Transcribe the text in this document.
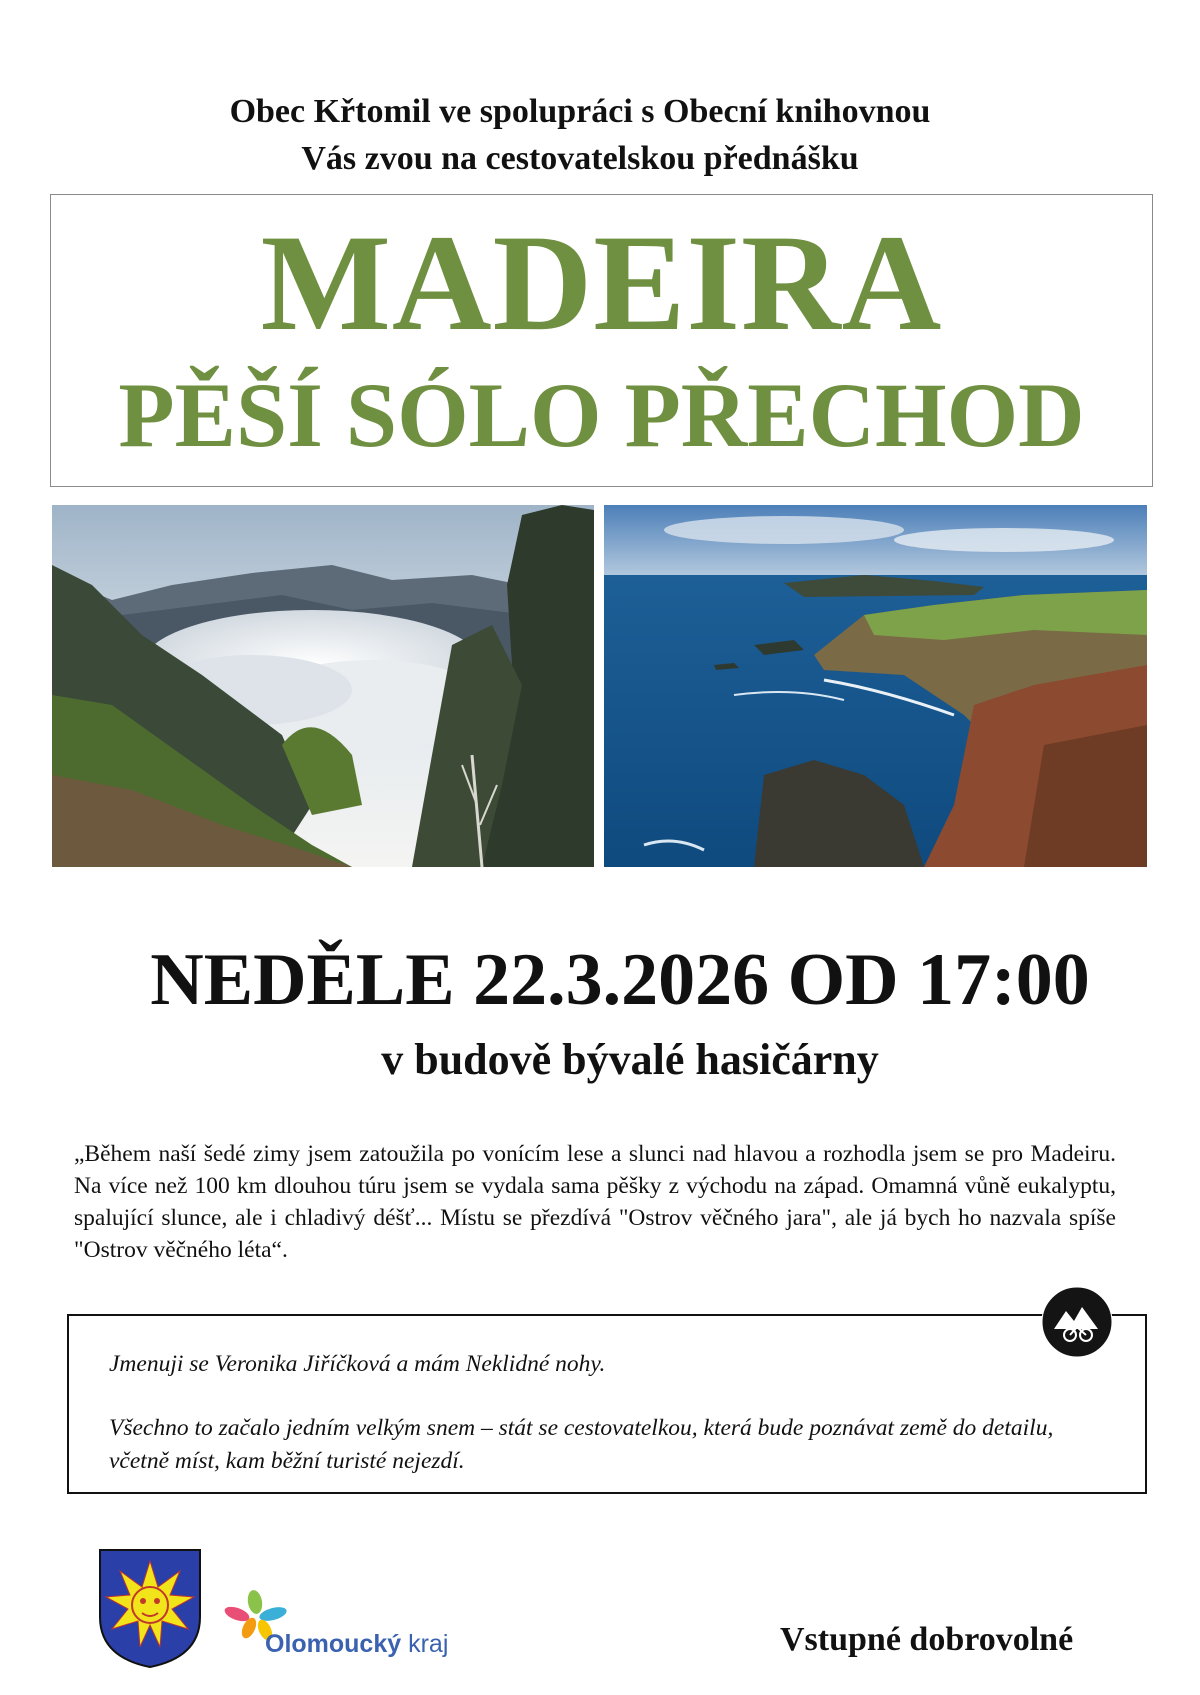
Obec Křtomil ve spolupráci s Obecní knihovnou
Vás zvou na cestovatelskou přednášku
MADEIRA
PĚŠÍ SÓLO PŘECHOD
NEDĚLE 22.3.2026 OD 17:00
v budově bývalé hasičárny
„Během naší šedé zimy jsem zatoužila po vonícím lese a slunci nad hlavou a rozhodla jsem se pro Madeiru. Na více než 100 km dlouhou túru jsem se vydala sama pěšky z východu na západ. Omamná vůně eukalyptu, spalující slunce, ale i chladivý déšť... Místu se přezdívá "Ostrov věčného jara", ale já bych ho nazvala spíše "Ostrov věčného léta“.
Jmenuji se Veronika Jiříčková a mám Neklidné nohy.
Všechno to začalo jedním velkým snem – stát se cestovatelkou, která bude poznávat země do detailu, včetně míst, kam běžní turisté nejezdí.
Olomoucký kraj	Vstupné dobrovolné
